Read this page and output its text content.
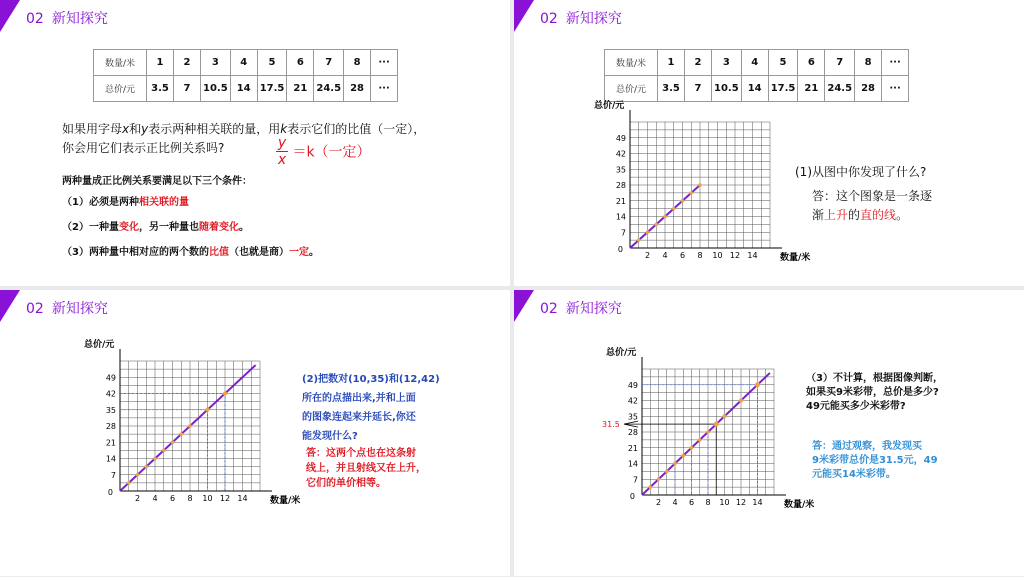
02 新知探究
数量/米	1	2	3	4	5	6	7	8	···
总价/元	3.5	7	10.5	14	17.5	21	24.5	28	···
如果用字母x和y表示两种相关联的量，用k表示它们的比值（一定），
你会用它们表示正比例关系吗?	$\frac{y}{x} =k$（一定）
两种量成正比例关系要满足以下三个条件：
（1）必须是两种相关联的量
（2）一种量变化，另一种量也随着变化。
（3）两种量中相对应的两个数的比值（也就是商）一定。
02 新知探究
数量/米	1	2	3	4	5	6	7	8	···
总价/元	3.5	7	10.5	14	17.5	21	24.5	28	···
7
14
21
28
35
42
49
2 4 6 8 10 12 14
0
总价/元
数量/米
(1)从图中你发现了什么?
答：这个图象是一条逐
渐上升的直的线。
02 新知探究
7
14
21
28
35
42
49
2 4 6 8 10 12 14
0
总价/元
数量/米
(2)把数对(10,35)和(12,42)
所在的点描出来,并和上面
的图象连起来并延长,你还
能发现什么?
答：这两个点也在这条射
线上，并且射线又在上升，
它们的单价相等。
02 新知探究
7
14
21
28
35
42
49
2 4 6 8 10 12 14
0
总价/元
数量/米
31.5
（3）不计算，根据图像判断，
如果买9米彩带，总价是多少?
49元能买多少米彩带?
答：通过观察，我发现买
9米彩带总价是31.5元，49
元能买14米彩带。
